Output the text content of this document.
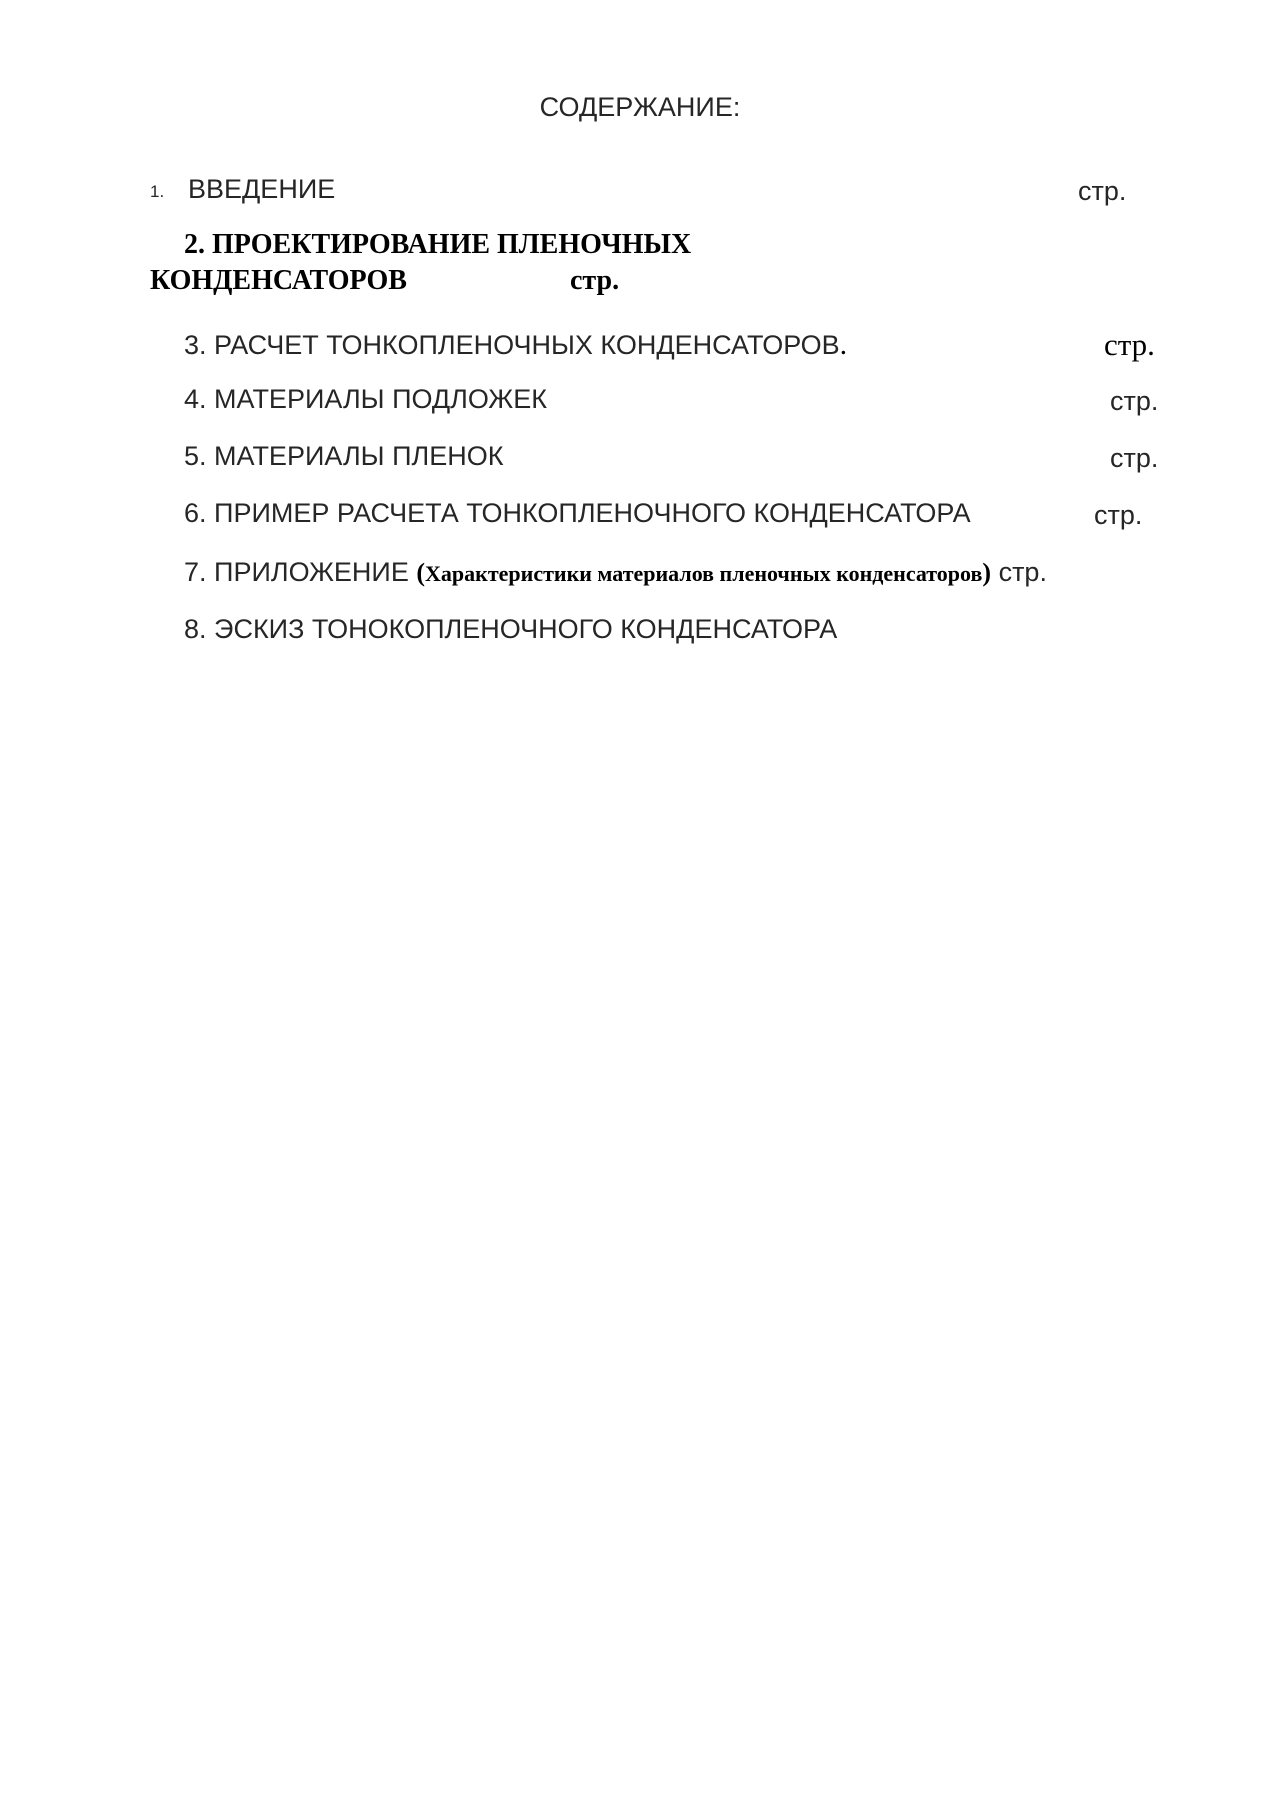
СОДЕРЖАНИЕ:
1. ВВЕДЕНИЕ	стр.
2. ПРОЕКТИРОВАНИЕ ПЛЕНОЧНЫХ
КОНДЕНСАТОРОВ	стр.
3. РАСЧЕТ ТОНКОПЛЕНОЧНЫХ КОНДЕНСАТОРОВ.	стр.
4. МАТЕРИАЛЫ ПОДЛОЖЕК	стр.
5. МАТЕРИАЛЫ ПЛЕНОК	стр.
6. ПРИМЕР РАСЧЕТА ТОНКОПЛЕНОЧНОГО КОНДЕНСАТОРА	стр.
7. ПРИЛОЖЕНИЕ (Характеристики материалов пленочных конденсаторов) стр.
8. ЭСКИЗ ТОНОКОПЛЕНОЧНОГО КОНДЕНСАТОРА
